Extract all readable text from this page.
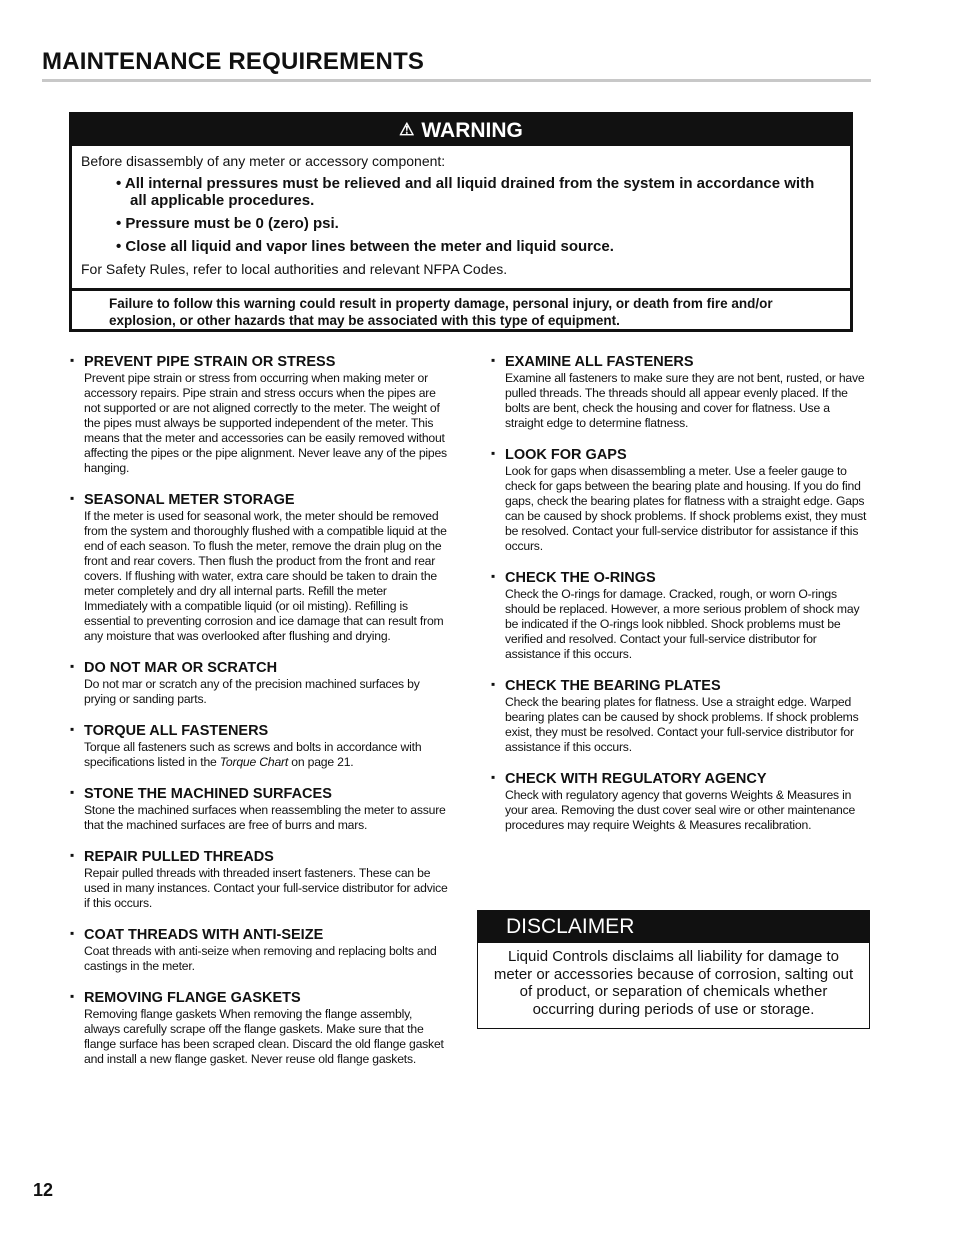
MAINTENANCE REQUIREMENTS
⚠ WARNING

Before disassembly of any meter or accessory component:

• All internal pressures must be relieved and all liquid drained from the system in accordance with all applicable procedures.
• Pressure must be 0 (zero) psi.
• Close all liquid and vapor lines between the meter and liquid source.

For Safety Rules, refer to local authorities and relevant NFPA Codes.

Failure to follow this warning could result in property damage, personal injury, or death from fire and/or explosion, or other hazards that may be associated with this type of equipment.
▪ PREVENT PIPE STRAIN OR STRESS
Prevent pipe strain or stress from occurring when making meter or accessory repairs. Pipe strain and stress occurs when the pipes are not supported or are not aligned correctly to the meter. The weight of the pipes must always be supported independent of the meter. This means that the meter and accessories can be easily removed without affecting the pipes or the pipe alignment. Never leave any of the pipes hanging.
▪ SEASONAL METER STORAGE
If the meter is used for seasonal work, the meter should be removed from the system and thoroughly flushed with a compatible liquid at the end of each season. To flush the meter, remove the drain plug on the front and rear covers. Then flush the product from the front and rear covers. If flushing with water, extra care should be taken to drain the meter completely and dry all internal parts. Refill the meter Immediately with a compatible liquid (or oil misting). Refilling is essential to preventing corrosion and ice damage that can result from any moisture that was overlooked after flushing and drying.
▪ DO NOT MAR OR SCRATCH
Do not mar or scratch any of the precision machined surfaces by prying or sanding parts.
▪ TORQUE ALL FASTENERS
Torque all fasteners such as screws and bolts in accordance with specifications listed in the Torque Chart on page 21.
▪ STONE THE MACHINED SURFACES
Stone the machined surfaces when reassembling the meter to assure that the machined surfaces are free of burrs and mars.
▪ REPAIR PULLED THREADS
Repair pulled threads with threaded insert fasteners. These can be used in many instances. Contact your full-service distributor for advice if this occurs.
▪ COAT THREADS WITH ANTI-SEIZE
Coat threads with anti-seize when removing and replacing bolts and castings in the meter.
▪ REMOVING FLANGE GASKETS
Removing flange gaskets When removing the flange assembly, always carefully scrape off the flange gaskets. Make sure that the flange surface has been scraped clean. Discard the old flange gasket and install a new flange gasket. Never reuse old flange gaskets.
▪ EXAMINE ALL FASTENERS
Examine all fasteners to make sure they are not bent, rusted, or have pulled threads. The threads should all appear evenly placed. If the bolts are bent, check the housing and cover for flatness. Use a straight edge to determine flatness.
▪ LOOK FOR GAPS
Look for gaps when disassembling a meter. Use a feeler gauge to check for gaps between the bearing plate and housing. If you do find gaps, check the bearing plates for flatness with a straight edge. Gaps can be caused by shock problems. If shock problems exist, they must be resolved. Contact your full-service distributor for assistance if this occurs.
▪ CHECK THE O-RINGS
Check the O-rings for damage. Cracked, rough, or worn O-rings should be replaced. However, a more serious problem of shock may be indicated if the O-rings look nibbled. Shock problems must be verified and resolved. Contact your full-service distributor for assistance if this occurs.
▪ CHECK THE BEARING PLATES
Check the bearing plates for flatness. Use a straight edge. Warped bearing plates can be caused by shock problems. If shock problems exist, they must be resolved. Contact your full-service distributor for assistance if this occurs.
▪ CHECK WITH REGULATORY AGENCY
Check with regulatory agency that governs Weights & Measures in your area. Removing the dust cover seal wire or other maintenance procedures may require Weights & Measures recalibration.
DISCLAIMER
Liquid Controls disclaims all liability for damage to meter or accessories because of corrosion, salting out of product, or separation of chemicals whether occurring during periods of use or storage.
12
